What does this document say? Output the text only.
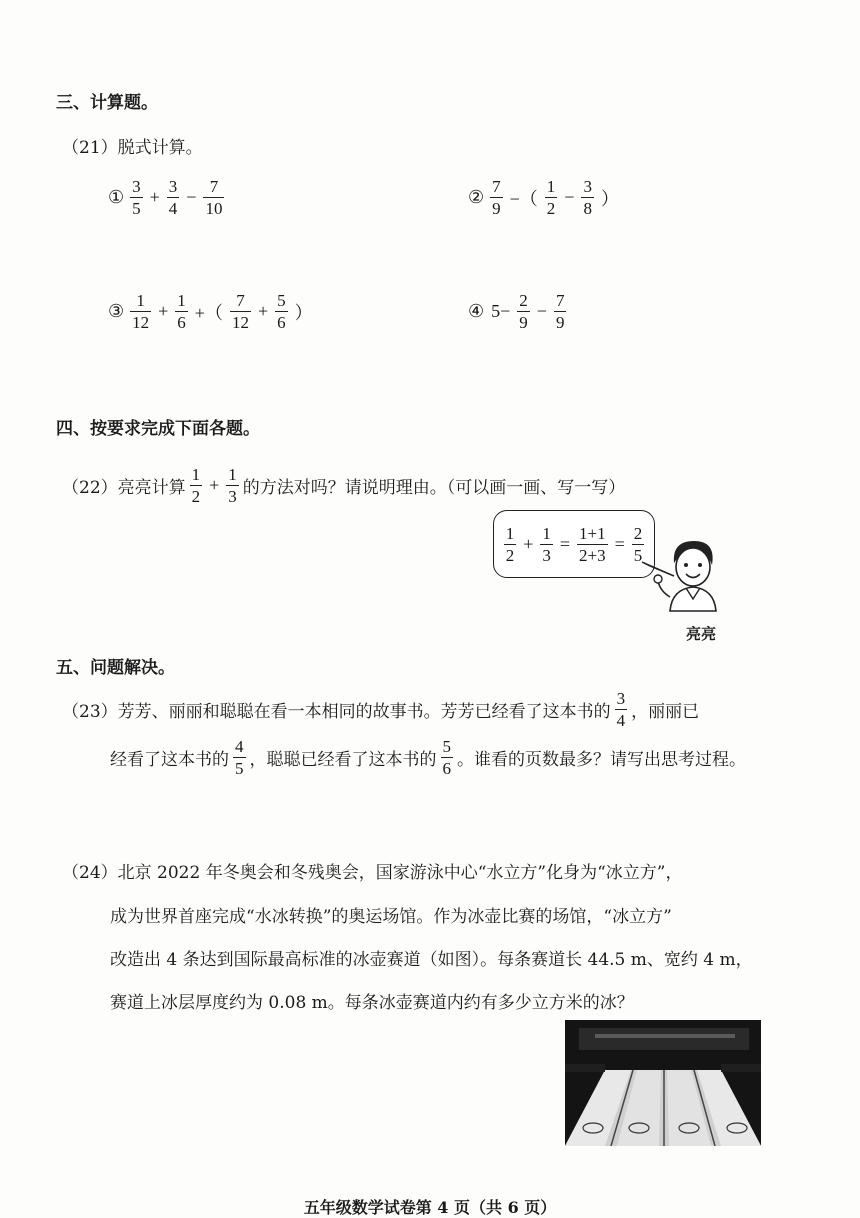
三、计算题。
（21）脱式计算。
① $\frac{3}{5} + \frac{3}{4} - \frac{7}{10}$	② $\frac{7}{9}$ −（ $\frac{1}{2} - \frac{3}{8}$ ）
③ $\frac{1}{12} + \frac{1}{6}$ +（ $\frac{7}{12} + \frac{5}{6}$ ）	④ $5- \frac{2}{9} - \frac{7}{9}$
四、按要求完成下面各题。
（22）亮亮计算 $\frac{1}{2} + \frac{1}{3}$ 的方法对吗？请说明理由。（可以画一画、写一写）
$\frac{1}{2} + \frac{1}{3} = \frac{1+1}{2+3} = \frac{2}{5}$
亮亮
五、问题解决。
（23）芳芳、丽丽和聪聪在看一本相同的故事书。芳芳已经看了这本书的 $\frac{3}{4}$ ，丽丽已
经看了这本书的 $\frac{4}{5}$ ，聪聪已经看了这本书的 $\frac{5}{6}$ 。谁看的页数最多？请写出思考过程。
（24）北京 2022 年冬奥会和冬残奥会，国家游泳中心“水立方”化身为“冰立方”，
成为世界首座完成“水冰转换”的奥运场馆。作为冰壶比赛的场馆，“冰立方”
改造出 4 条达到国际最高标准的冰壶赛道（如图）。每条赛道长 44.5 m、宽约 4 m，
赛道上冰层厚度约为 0.08 m。每条冰壶赛道内约有多少立方米的冰？
五年级数学试卷第 4 页（共 6 页）
